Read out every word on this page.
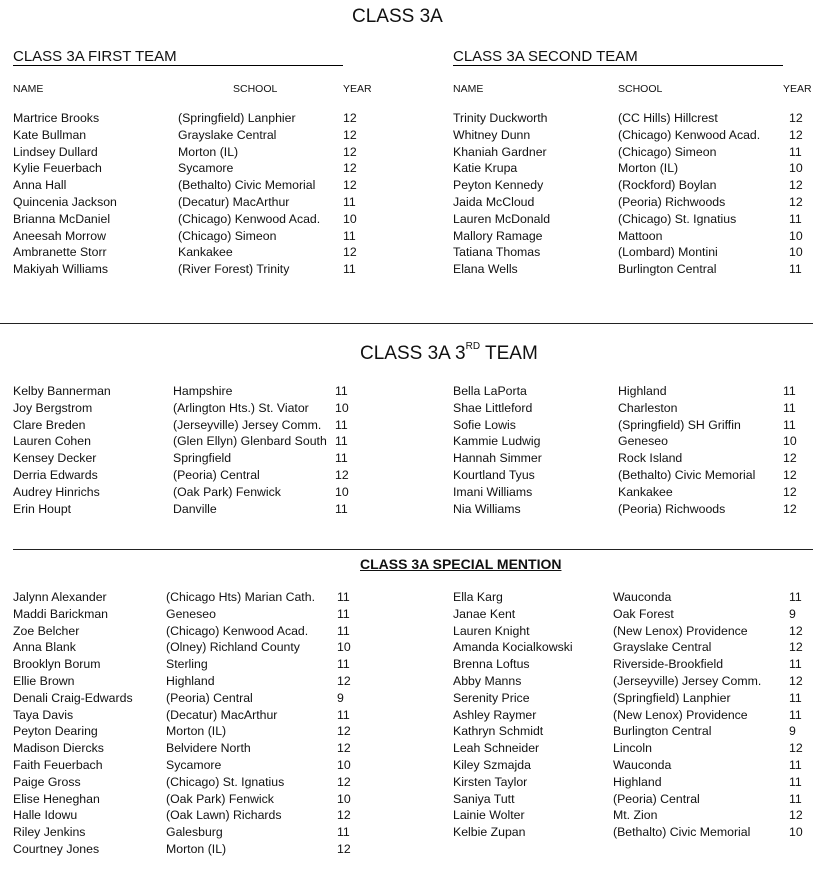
CLASS 3A
CLASS 3A FIRST TEAM	CLASS 3A SECOND TEAM
NAME	SCHOOL	YEAR	NAME	SCHOOL	YEAR
Martrice Brooks	(Springfield) Lanphier	12
Kate Bullman	Grayslake Central	12
Lindsey Dullard	Morton (IL)	12
Kylie Feuerbach	Sycamore	12
Anna Hall	(Bethalto) Civic Memorial 12
Quincenia Jackson	(Decatur) MacArthur	11
Brianna McDaniel	(Chicago) Kenwood Acad. 10
Aneesah Morrow	(Chicago) Simeon	11
Ambranette Storr	Kankakee	12
Makiyah Williams	(River Forest) Trinity	11
Trinity Duckworth	(CC Hills) Hillcrest	12
Whitney Dunn	(Chicago) Kenwood Acad. 12
Khaniah Gardner	(Chicago) Simeon	11
Katie Krupa	Morton (IL)	10
Peyton Kennedy	(Rockford) Boylan	12
Jaida McCloud	(Peoria) Richwoods	12
Lauren McDonald	(Chicago) St. Ignatius	11
Mallory Ramage	Mattoon	10
Tatiana Thomas	(Lombard) Montini	10
Elana Wells	Burlington Central	11
CLASS 3A 3RD TEAM
Kelby Bannerman	Hampshire	11
Joy Bergstrom	(Arlington Hts.) St. Viator 10
Clare Breden	(Jerseyville) Jersey Comm. 11
Lauren Cohen	(Glen Ellyn) Glenbard South 11
Kensey Decker	Springfield	11
Derria Edwards	(Peoria) Central	12
Audrey Hinrichs	(Oak Park) Fenwick	10
Erin Houpt	Danville	11
Bella LaPorta	Highland	11
Shae Littleford	Charleston	11
Sofie Lowis	(Springfield) SH Griffin	11
Kammie Ludwig	Geneseo	10
Hannah Simmer	Rock Island	12
Kourtland Tyus	(Bethalto) Civic Memorial 12
Imani Williams	Kankakee	12
Nia Williams	(Peoria) Richwoods	12
CLASS 3A SPECIAL MENTION
Jalynn Alexander	(Chicago Hts) Marian Cath. 11
Maddi Barickman	Geneseo	11
Zoe Belcher	(Chicago) Kenwood Acad. 11
Anna Blank	(Olney) Richland County	10
Brooklyn Borum	Sterling	11
Ellie Brown	Highland	12
Denali Craig-Edwards	(Peoria) Central	9
Taya Davis	(Decatur) MacArthur	11
Peyton Dearing	Morton (IL)	12
Madison Diercks	Belvidere North	12
Faith Feuerbach	Sycamore	10
Paige Gross	(Chicago) St. Ignatius	12
Elise Heneghan	(Oak Park) Fenwick	10
Halle Idowu	(Oak Lawn) Richards	12
Riley Jenkins	Galesburg	11
Courtney Jones	Morton (IL)	12
Ella Karg	Wauconda	11
Janae Kent	Oak Forest	9
Lauren Knight	(New Lenox) Providence	12
Amanda Kocialkowski	Grayslake Central	12
Brenna Loftus	Riverside-Brookfield	11
Abby Manns	(Jerseyville) Jersey Comm. 12
Serenity Price	(Springfield) Lanphier	11
Ashley Raymer	(New Lenox) Providence	11
Kathryn Schmidt	Burlington Central	9
Leah Schneider	Lincoln	12
Kiley Szmajda	Wauconda	11
Kirsten Taylor	Highland	11
Saniya Tutt	(Peoria) Central	11
Lainie Wolter	Mt. Zion	12
Kelbie Zupan	(Bethalto) Civic Memorial	10
